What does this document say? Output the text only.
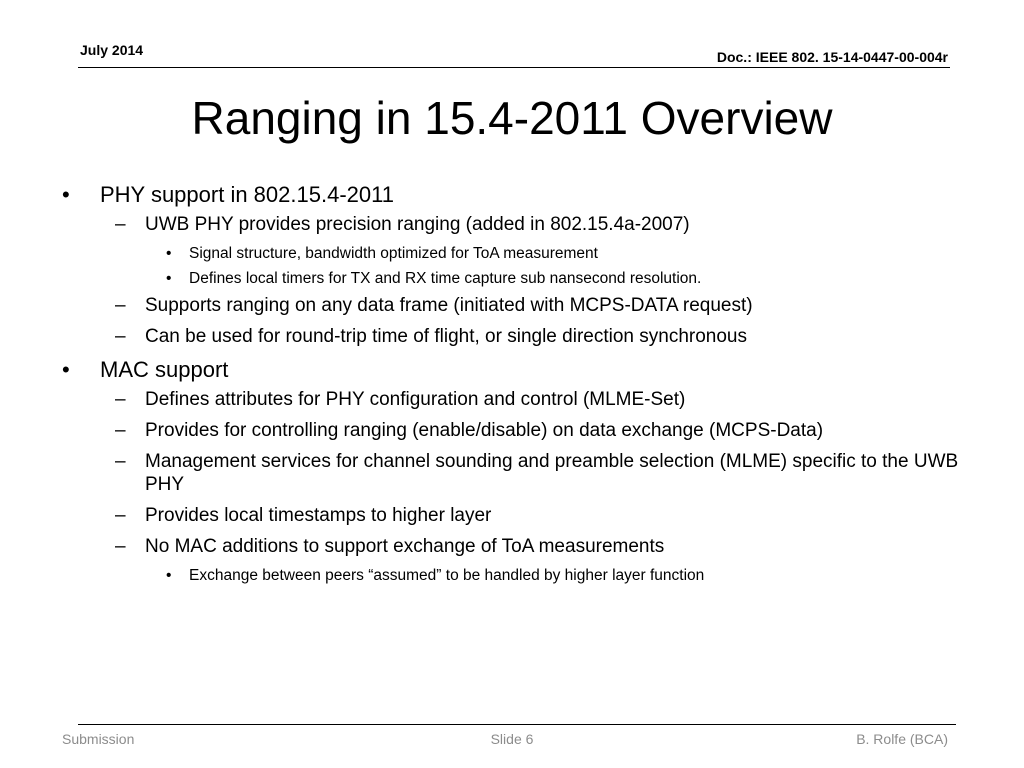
July 2014	Doc.: IEEE 802. 15-14-0447-00-004r
Ranging in 15.4-2011 Overview
•	PHY support in 802.15.4-2011
– UWB PHY provides precision ranging (added in 802.15.4a-2007)
• Signal structure, bandwidth optimized for ToA measurement
• Defines local timers for TX and RX time capture sub nansecond resolution.
– Supports ranging on any data frame (initiated with MCPS-DATA request)
– Can be used for round-trip time of flight, or single direction synchronous
•	MAC support
– Defines attributes for PHY configuration and control (MLME-Set)
– Provides for controlling ranging (enable/disable) on data exchange (MCPS-Data)
– Management services for channel sounding and preamble selection (MLME) specific to the UWB PHY
– Provides local timestamps to higher layer
– No MAC additions to support exchange of ToA measurements
• Exchange between peers “assumed” to be handled by higher layer function
Submission	Slide 6	B. Rolfe (BCA)
